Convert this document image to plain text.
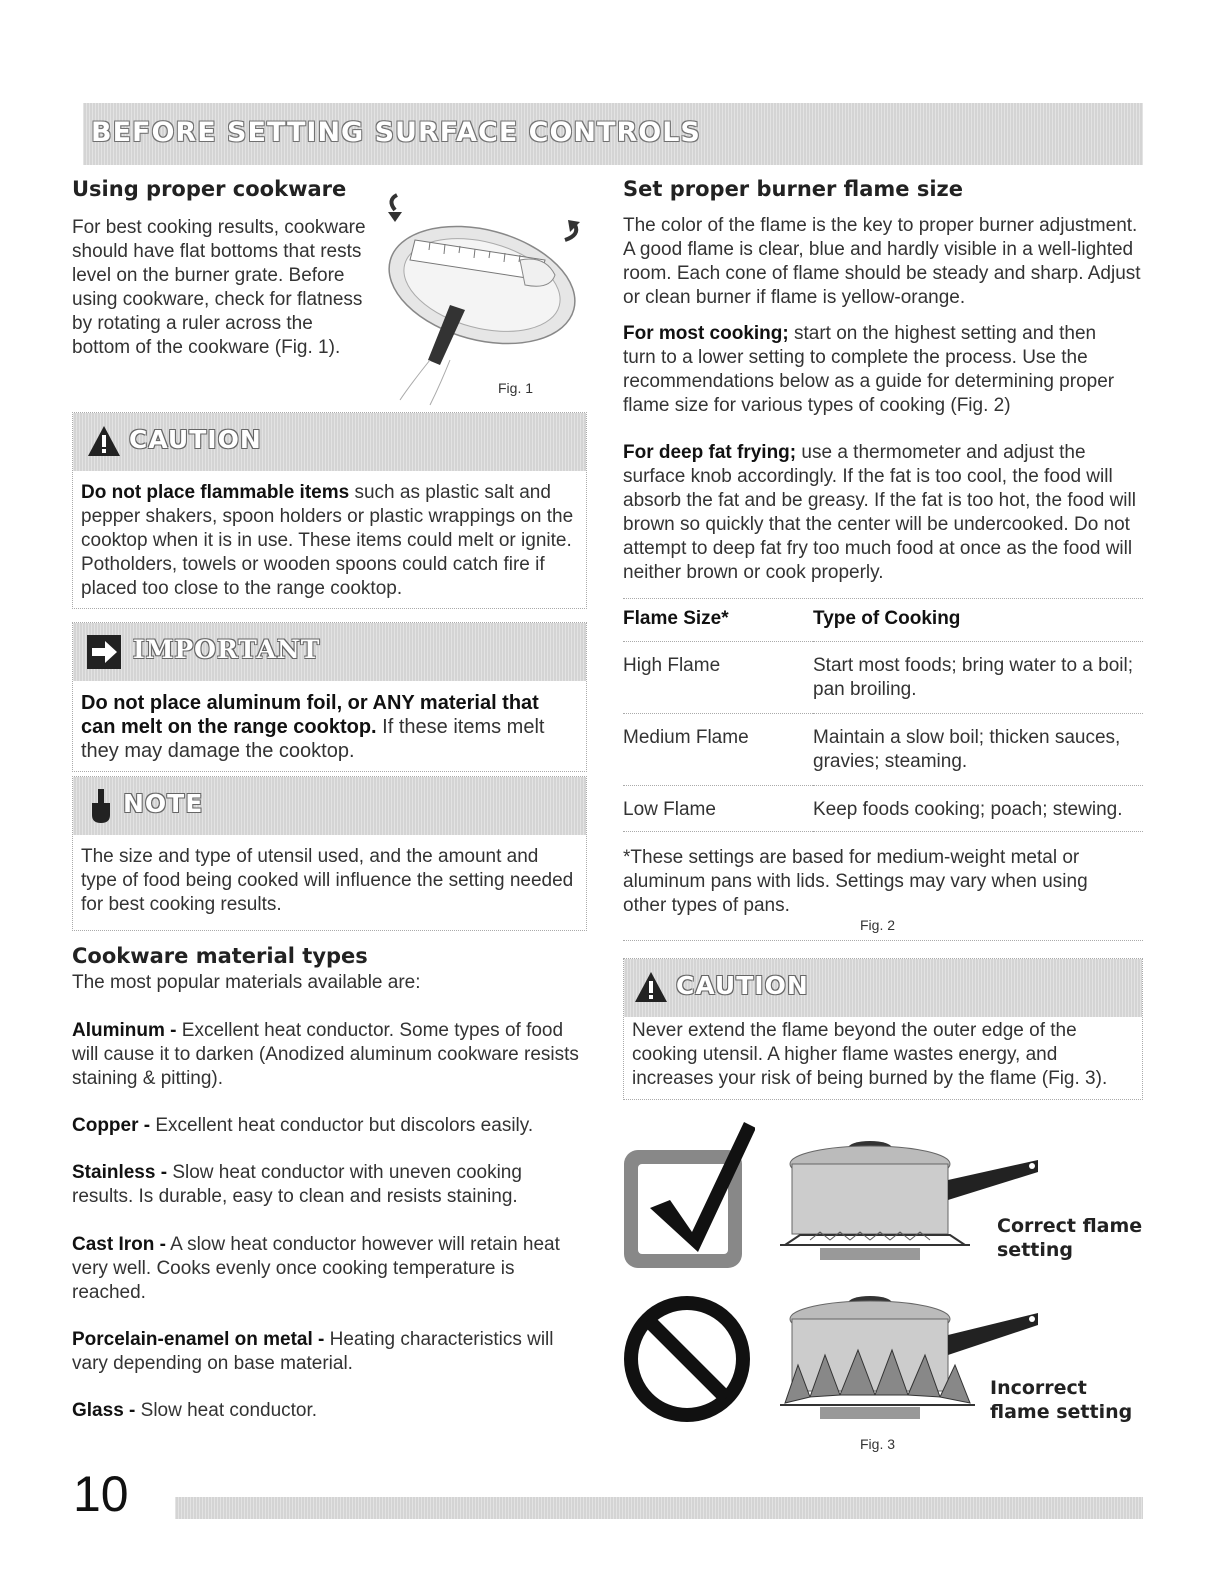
BEFORE SETTING SURFACE CONTROLS
Using proper cookware

For best cooking results, cookware should have flat bottoms that rests level on the burner grate. Before using cookware, check for flatness by rotating a ruler across the bottom of the cookware (Fig. 1).

Fig. 1
CAUTION

Do not place flammable items such as plastic salt and pepper shakers, spoon holders or plastic wrappings on the cooktop when it is in use. These items could melt or ignite. Potholders, towels or wooden spoons could catch fire if placed too close to the range cooktop.

IMPORTANT

Do not place aluminum foil, or ANY material that can melt on the range cooktop. If these items melt they may damage the cooktop.

NOTE

The size and type of utensil used, and the amount and type of food being cooked will influence the setting needed for best cooking results.

Cookware material types

The most popular materials available are:

Aluminum - Excellent heat conductor. Some types of food will cause it to darken (Anodized aluminum cookware resists staining & pitting).

Copper - Excellent heat conductor but discolors easily.

Stainless - Slow heat conductor with uneven cooking results. Is durable, easy to clean and resists staining.

Cast Iron - A slow heat conductor however will retain heat very well. Cooks evenly once cooking temperature is reached.

Porcelain-enamel on metal - Heating characteristics will vary depending on base material.

Glass - Slow heat conductor.

Set proper burner flame size

The color of the flame is the key to proper burner adjustment. A good flame is clear, blue and hardly visible in a well-lighted room. Each cone of flame should be steady and sharp. Adjust or clean burner if flame is yellow-orange.

For most cooking; start on the highest setting and then turn to a lower setting to complete the process. Use the recommendations below as a guide for determining proper flame size for various types of cooking (Fig. 2)

For deep fat frying; use a thermometer and adjust the surface knob accordingly. If the fat is too cool, the food will absorb the fat and be greasy. If the fat is too hot, the food will brown so quickly that the center will be undercooked. Do not attempt to deep fat fry too much food at once as the food will neither brown or cook properly.

Flame Size*	Type of Cooking
High Flame	Start most foods; bring water to a boil; pan broiling.
Medium Flame	Maintain a slow boil; thicken sauces, gravies; steaming.
Low Flame	Keep foods cooking; poach; stewing.

*These settings are based for medium-weight metal or aluminum pans with lids. Settings may vary when using other types of pans.

Fig. 2
CAUTION

Never extend the flame beyond the outer edge of the cooking utensil. A higher flame wastes energy, and increases your risk of being burned by the flame (Fig. 3).

Correct flame
setting
Incorrect
flame setting
Fig. 3
10
